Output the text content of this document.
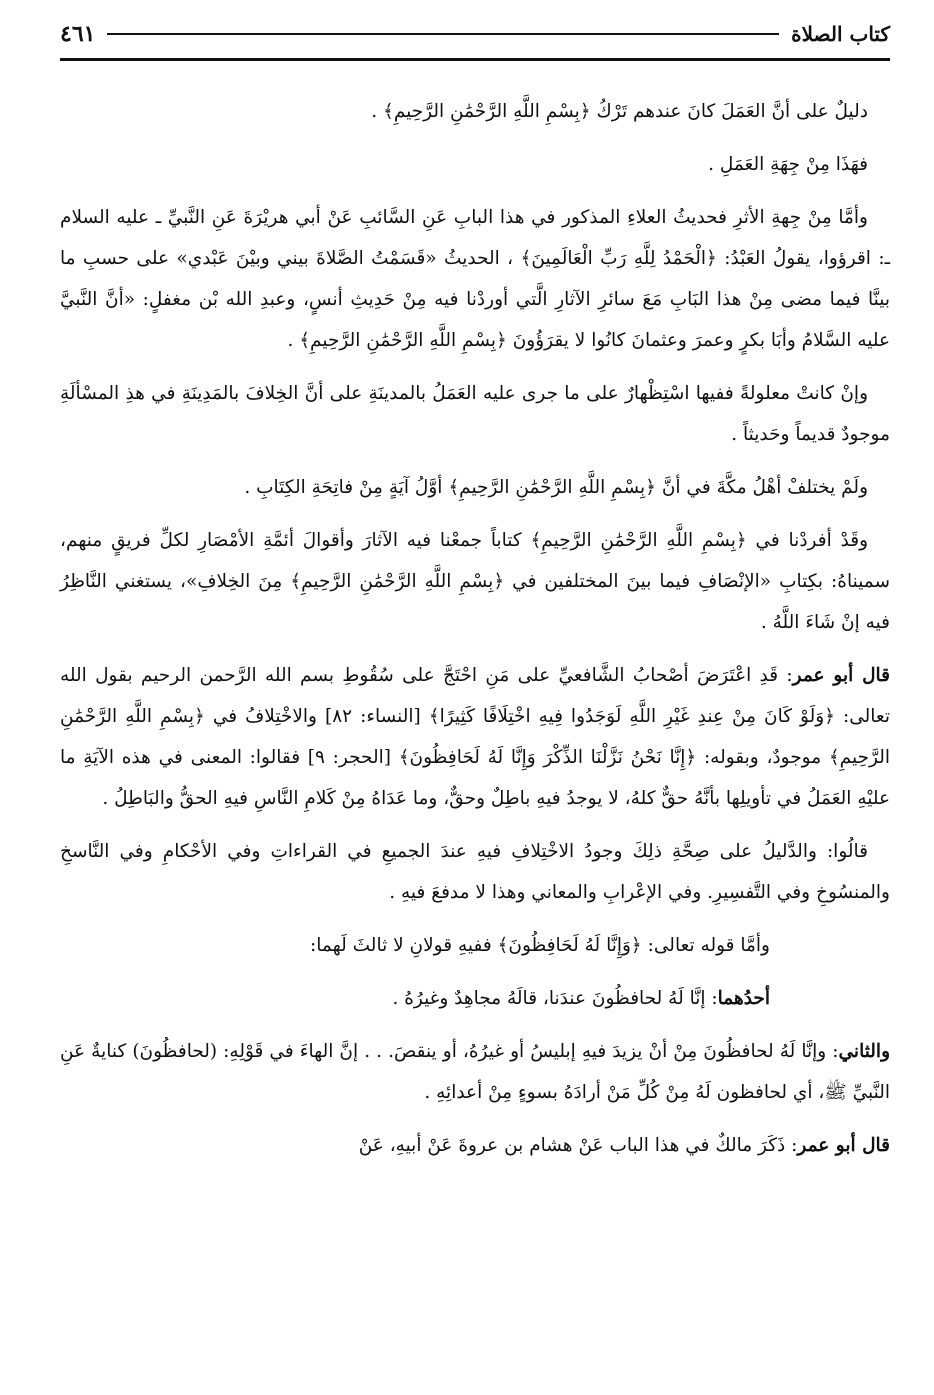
كتاب الصلاة
٤٦١

دليلٌ على أنَّ العَمَلَ كانَ عندهم تَرْكُ ﴿بِسْمِ اللَّهِ الرَّحْمَٰنِ الرَّحِيمِ﴾ .

فهَذَا مِنْ جِهَةِ العَمَلِ .

وأمَّا مِنْ جِهةِ الأثرِ فحديثُ العلاءِ المذكور في هذا البابِ عَنِ السَّائبِ عَنْ أبي هريْرَةَ عَنِ النَّبيِّ ـ عليه السلام ـ: اقرؤوا، يقولُ العَبْدُ: ﴿الْحَمْدُ لِلَّهِ رَبِّ الْعَالَمِينَ﴾ ، الحديثُ «قَسَمْتُ الصَّلاةَ بيني وبيْنَ عَبْدي» على حسبِ ما بينَّا فيما مضى مِنْ هذا البَابِ مَعَ سائرِ الآثارِ الَّتي أوردْنا فيه مِنْ حَدِيثِ أنسٍ، وعبدِ الله بْن مغفلٍ: «أنَّ النَّبيَّ عليه السَّلامُ وأبَا بكرٍ وعمرَ وعثمانَ كانُوا لا يقرَؤُونَ ﴿بِسْمِ اللَّهِ الرَّحْمَٰنِ الرَّحِيمِ﴾ .

وإنْ كانتْ معلولةً ففيها اسْتِظْهارٌ على ما جرى عليه العَمَلُ بالمدينَةِ على أنَّ الخِلافَ بالمَدِينَةِ في هذِ المسْألَةِ موجودٌ قديماً وحَديثاً .

ولَمْ يختلفْ أهْلُ مكَّةَ في أنَّ ﴿بِسْمِ اللَّهِ الرَّحْمَٰنِ الرَّحِيمِ﴾ أوَّلُ آيَةٍ مِنْ فاتِحَةِ الكِتَابِ .

وقَدْ أفردْنا في ﴿بِسْمِ اللَّهِ الرَّحْمَٰنِ الرَّحِيمِ﴾ كتاباً جمعْنا فيه الآثارَ وأقوالَ أئمَّةِ الأمْصَارِ لكلِّ فريقٍ منهم، سميناهُ: بكِتابِ «الإنْصَافِ فيما بينَ المختلفين في ﴿بِسْمِ اللَّهِ الرَّحْمَٰنِ الرَّحِيمِ﴾ مِنَ الخِلافِ»، يستغني النَّاظِرُ فيه إنْ شَاءَ اللَّهُ .

قال أبو عمر: قَدِ اعْتَرَضَ أصْحابُ الشَّافعيِّ على مَنِ احْتَجَّ على سُقُوطِ بسم الله الرَّحمن الرحيم بقول الله تعالى: ﴿وَلَوْ كَانَ مِنْ عِندِ غَيْرِ اللَّهِ لَوَجَدُوا فِيهِ اخْتِلَافًا كَثِيرًا﴾ [النساء: ٨٢] والاخْتِلافُ في ﴿بِسْمِ اللَّهِ الرَّحْمَٰنِ الرَّحِيمِ﴾ موجودٌ، وبقوله: ﴿إِنَّا نَحْنُ نَزَّلْنَا الذِّكْرَ وَإِنَّا لَهُ لَحَافِظُونَ﴾ [الحجر: ٩] فقالوا: المعنى في هذه الآيَةِ ما عليْهِ العَمَلُ في تأويلِها بأنَّهُ حقٌّ كلهُ، لا يوجدُ فيهِ باطِلٌ وحقٌّ، وما عَدَاهُ مِنْ كَلامِ النَّاسِ فيهِ الحقُّ والبَاطِلُ .

قالُوا: والدَّليلُ على صِحَّةِ ذلِكَ وجودُ الاخْتِلافِ فيهِ عندَ الجميعِ في القراءاتِ وفي الأحْكامِ وفي النَّاسخِ والمنسُوخِ وفي التَّفسِيرِ. وفي الإعْرابِ والمعاني وهذا لا مدفعَ فيهِ .

وأمَّا قوله تعالى: ﴿وَإِنَّا لَهُ لَحَافِظُونَ﴾ ففيهِ قولانِ لا ثالثَ لَهما:

أحدُهما: إنَّا لَهُ لحافظُونَ عندَنا، قالَهُ مجاهِدٌ وغيرُهُ .

والثاني: وإنَّا لَهُ لحافظُونَ مِنْ أنْ يزيدَ فيهِ إبليسُ أو غيرُهُ، أو ينقصَ. . . إنَّ الهاءَ في قَوْلِهِ: (لحافظُونَ) كنايةٌ عَنِ النَّبيِّ ﷺ، أي لحافظون لَهُ مِنْ كُلِّ مَنْ أرادَهُ بسوءٍ مِنْ أعدائِهِ .

قال أبو عمر: ذَكَرَ مالكٌ في هذا الباب عَنْ هشام بن عروةَ عَنْ أبيهِ، عَنْ
